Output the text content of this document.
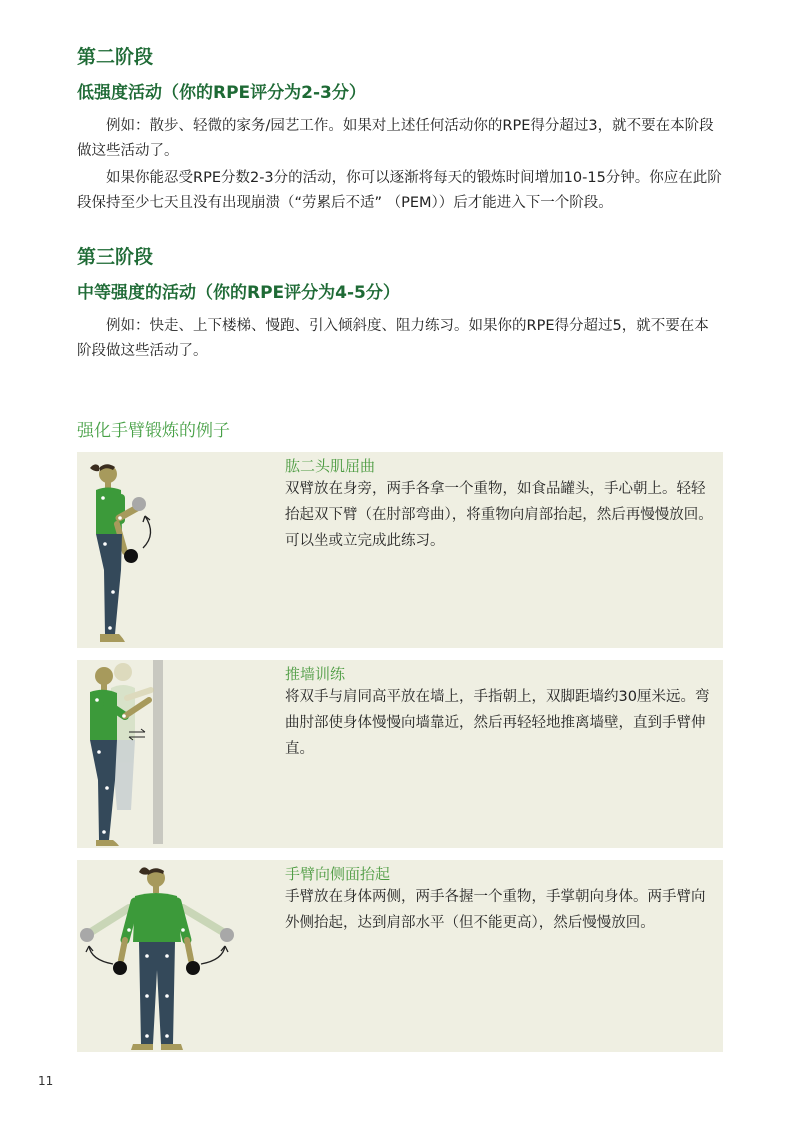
第二阶段
低强度活动（你的RPE评分为2-3分）
例如：散步、轻微的家务/园艺工作。如果对上述任何活动你的RPE得分超过3，就不要在本阶段做这些活动了。
如果你能忍受RPE分数2-3分的活动，你可以逐渐将每天的锻炼时间增加10-15分钟。你应在此阶段保持至少七天且没有出现崩溃（“劳累后不适” （PEM））后才能进入下一个阶段。
第三阶段
中等强度的活动（你的RPE评分为4-5分）
例如：快走、上下楼梯、慢跑、引入倾斜度、阻力练习。如果你的RPE得分超过5，就不要在本阶段做这些活动了。
强化手臂锻炼的例子
肱二头肌屈曲
双臂放在身旁，两手各拿一个重物，如食品罐头，手心朝上。轻轻抬起双下臂（在肘部弯曲），将重物向肩部抬起，然后再慢慢放回。可以坐或立完成此练习。
推墙训练
将双手与肩同高平放在墙上，手指朝上，双脚距墙约30厘米远。弯曲肘部使身体慢慢向墙靠近，然后再轻轻地推离墙壁，直到手臂伸直。
手臂向侧面抬起
手臂放在身体两侧，两手各握一个重物，手掌朝向身体。两手臂向外侧抬起，达到肩部水平（但不能更高），然后慢慢放回。
11
